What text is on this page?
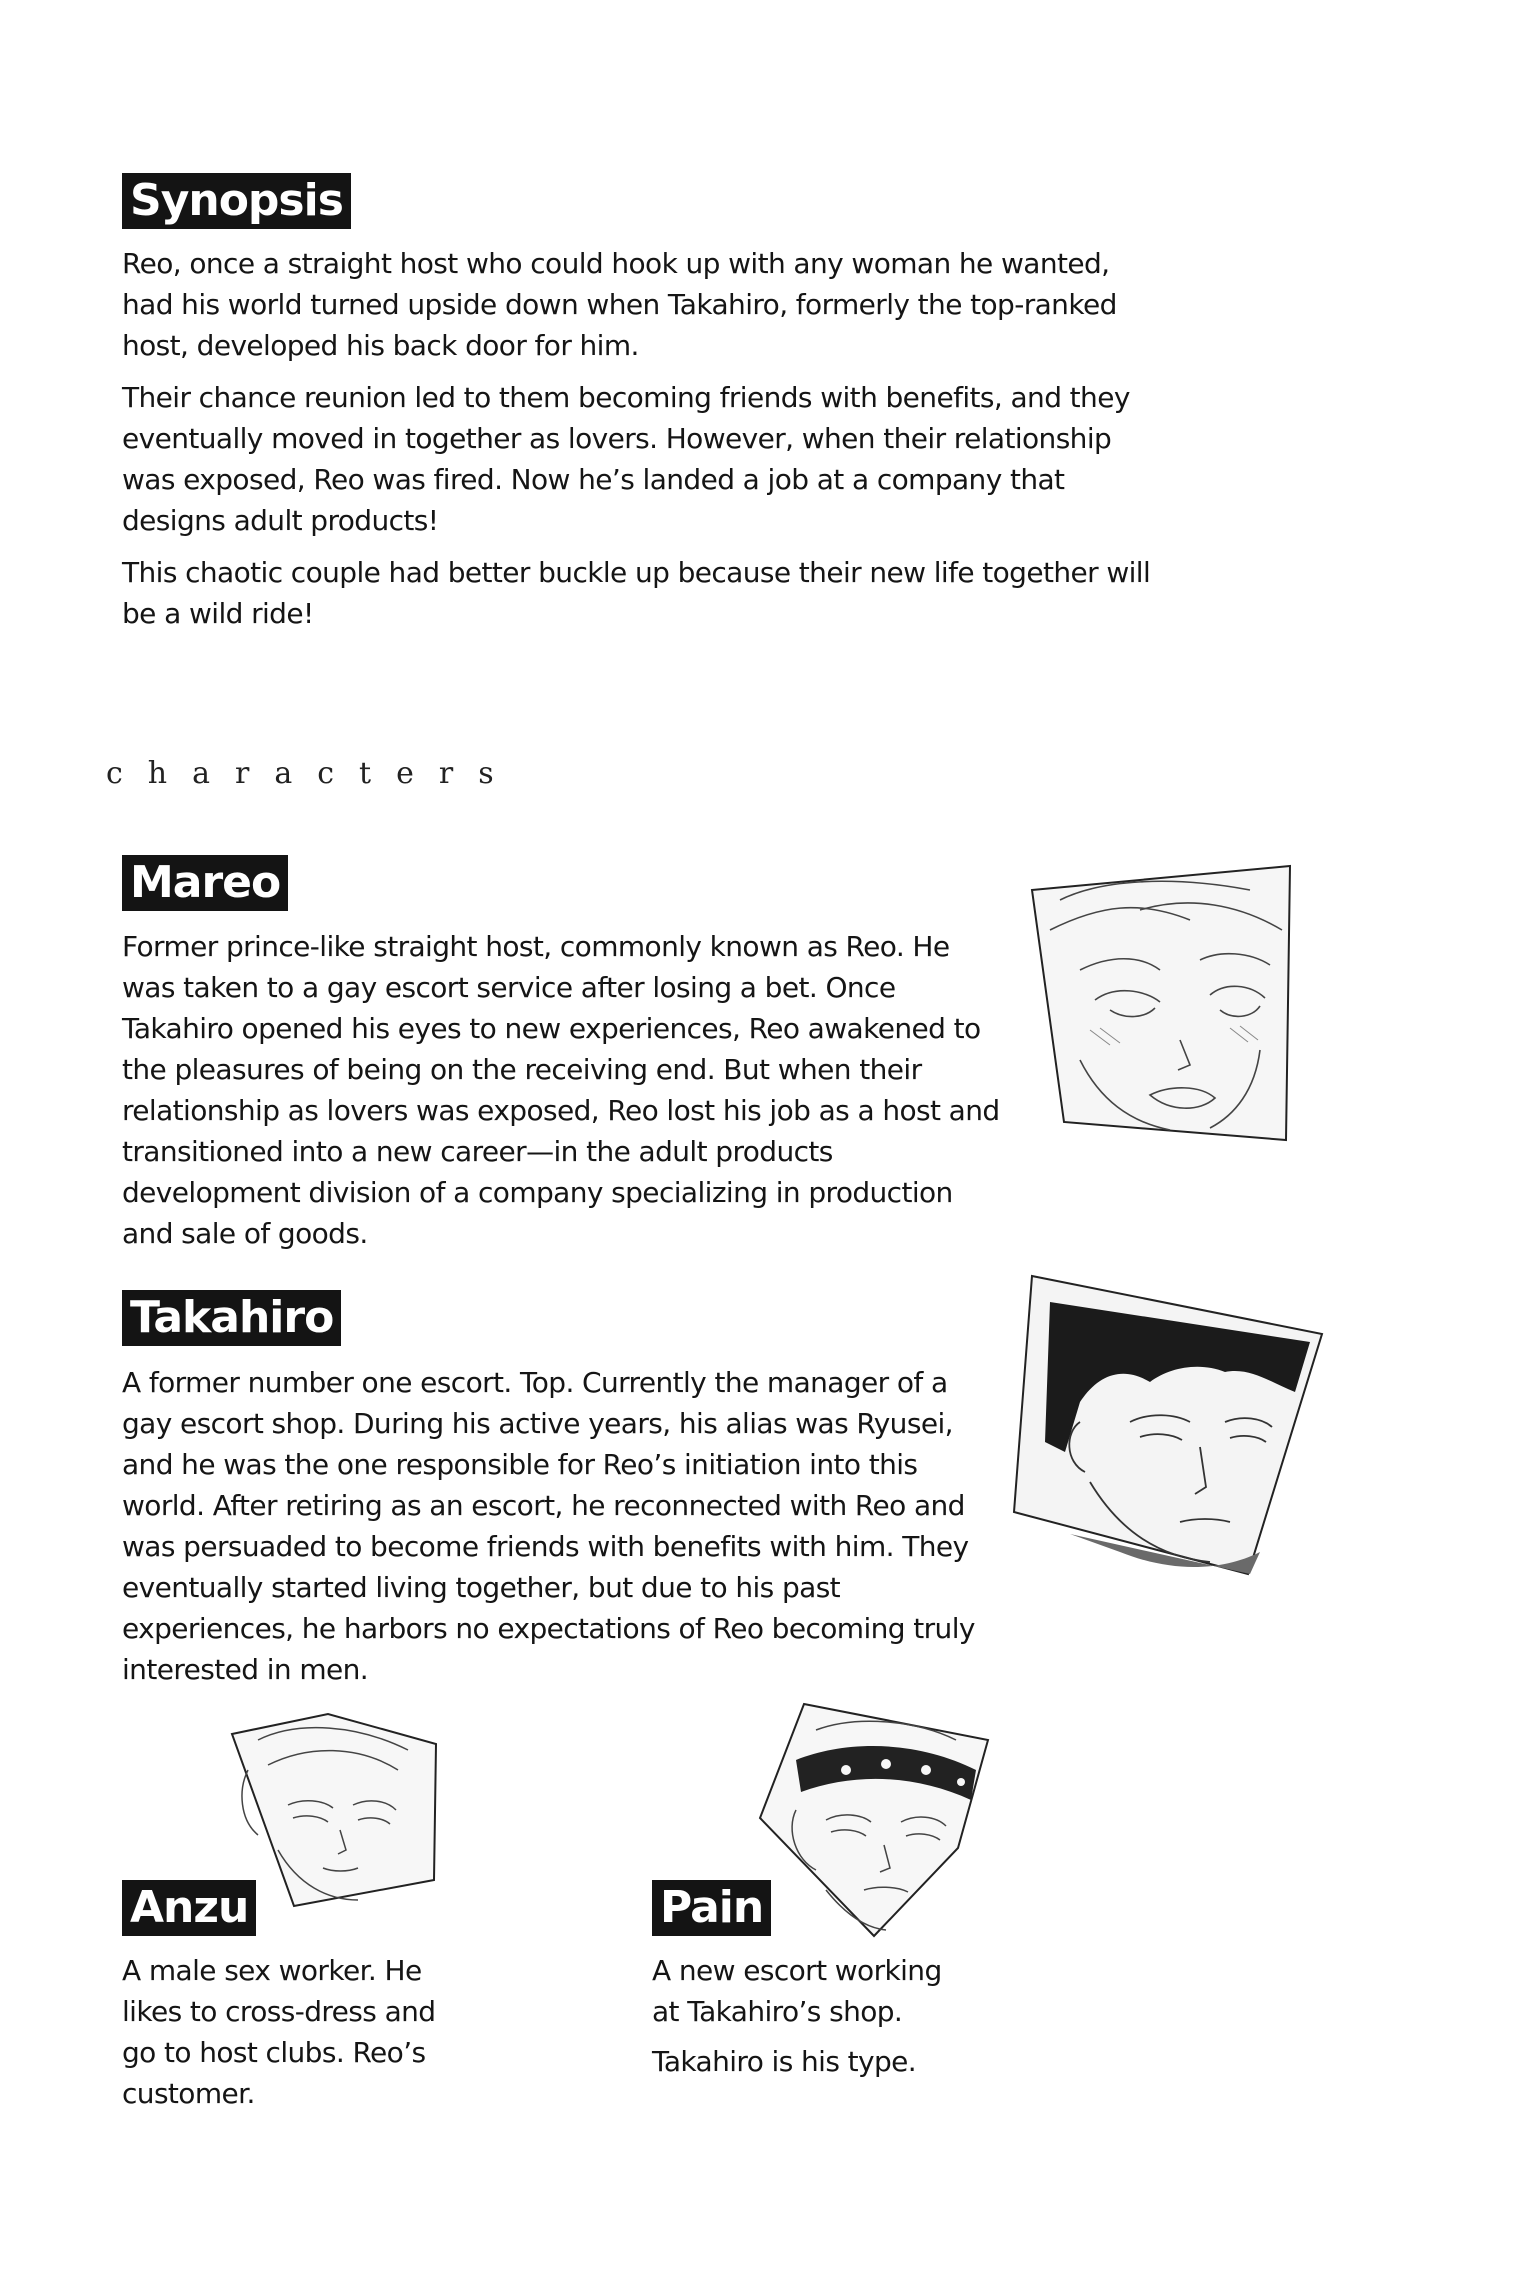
Synopsis

Reo, once a straight host who could hook up with any woman he wanted, had his world turned upside down when Takahiro, formerly the top-ranked host, developed his back door for him.

Their chance reunion led to them becoming friends with benefits, and they eventually moved in together as lovers. However, when their relationship was exposed, Reo was fired. Now he’s landed a job at a company that designs adult products!

This chaotic couple had better buckle up because their new life together will be a wild ride!

characters
Mareo

Former prince-like straight host, commonly known as Reo. He was taken to a gay escort service after losing a bet. Once Takahiro opened his eyes to new experiences, Reo awakened to the pleasures of being on the receiving end. But when their relationship as lovers was exposed, Reo lost his job as a host and transitioned into a new career—in the adult products development division of a company specializing in production and sale of goods.

Takahiro

A former number one escort. Top. Currently the manager of a gay escort shop. During his active years, his alias was Ryusei, and he was the one responsible for Reo’s initiation into this world. After retiring as an escort, he reconnected with Reo and was persuaded to become friends with benefits with him. They eventually started living together, but due to his past experiences, he harbors no expectations of Reo becoming truly interested in men.

Anzu

A male sex worker. He likes to cross-dress and go to host clubs. Reo’s customer.

Pain

A new escort working at Takahiro’s shop.

Takahiro is his type.
